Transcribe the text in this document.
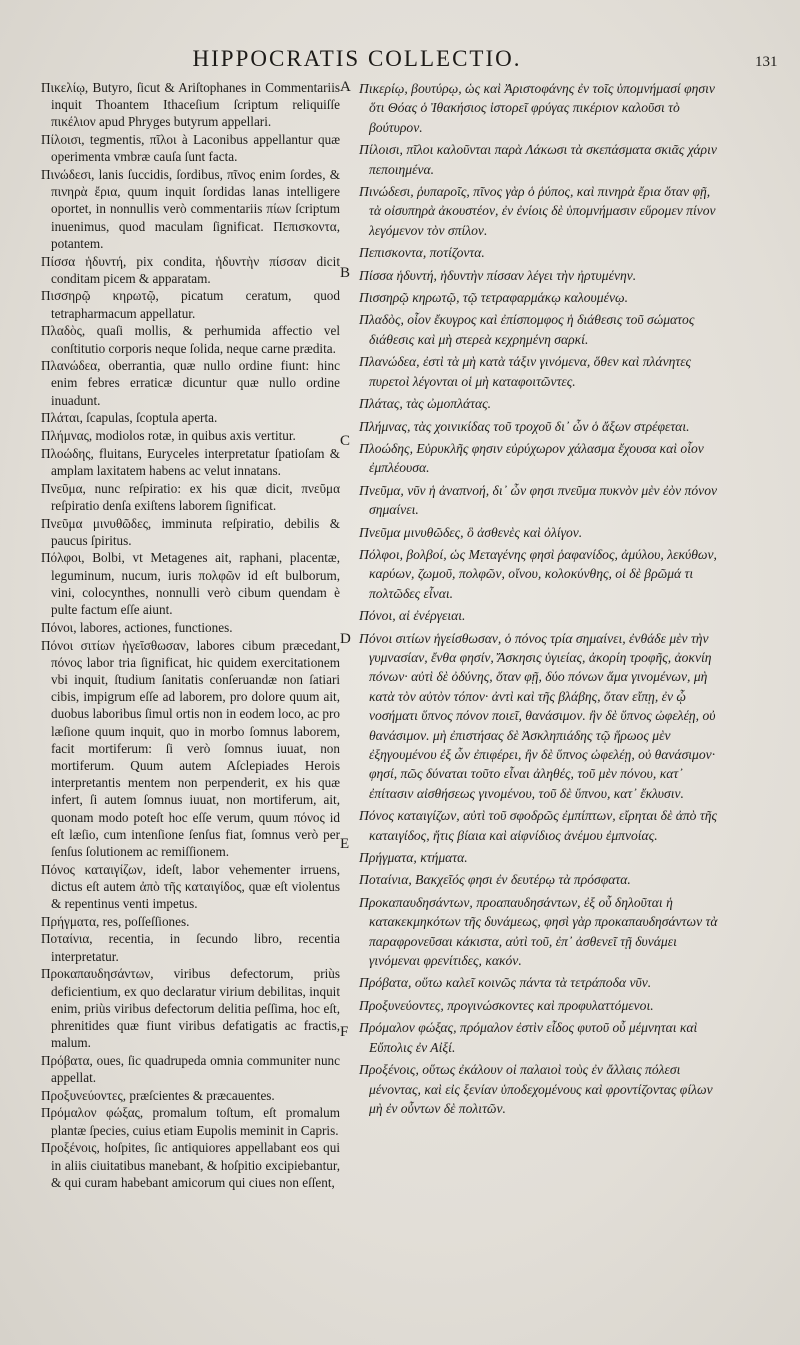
HIPPOCRATIS COLLECTIO.	131

Πικελίῳ, Butyro, ſicut & Ariſtophanes in Commentariis inquit Thoantem Ithaceſium ſcriptum reliquiſſe πικέλιον apud Phryges butyrum appellari.

Πίλοισι, tegmentis, πῖλοι à Laconibus appellantur quæ operimenta vmbræ cauſa ſunt facta.

Πινώδεσι, lanis ſuccidis, ſordibus, πῖνος enim ſordes, & πινηρὰ ἔρια, quum inquit ſordidas lanas intelligere oportet, in nonnullis verò commentariis πίων ſcriptum inuenimus, quod maculam ſignificat. Πεπισκοντα, potantem.

Πίσσα ἡδυντή, pix condita, ἡδυντὴν πίσσαν dicit conditam picem & apparatam.

Πισσηρῷ κηρωτῷ, picatum ceratum, quod tetrapharmacum appellatur.

Πλαδὸς, quaſi mollis, & perhumida affectio vel conſtitutio corporis neque ſolida, neque carne prædita.

Πλανώδεα, oberrantia, quæ nullo ordine fiunt: hinc enim febres erraticæ dicuntur quæ nullo ordine inuadunt.

Πλάται, ſcapulas, ſcoptula aperta.

Πλήμνας, modiolos rotæ, in quibus axis vertitur.

Πλοώδης, fluitans, Euryceles interpretatur ſpatioſam & amplam laxitatem habens ac velut innatans.

Πνεῦμα, nunc reſpiratio: ex his quæ dicit, πνεῦμα reſpiratio denſa exiſtens laborem ſignificat.

Πνεῦμα μινυθῶδες, imminuta reſpiratio, debilis & paucus ſpiritus.

Πόλφοι, Bolbi, vt Metagenes ait, raphani, placentæ, leguminum, nucum, iuris πολφῶν id eſt bulborum, vini, colocynthes, nonnulli verò cibum quendam è pulte factum eſſe aiunt.

Πόνοι, labores, actiones, functiones.

Πόνοι σιτίων ἡγεῖσθωσαν, labores cibum præcedant, πόνος labor tria ſignificat, hic quidem exercitationem vbi inquit, ſtudium ſanitatis conſeruandæ non ſatiari cibis, impigrum eſſe ad laborem, pro dolore quum ait, duobus laboribus ſimul ortis non in eodem loco, ac pro læſione quum inquit, quo in morbo ſomnus laborem, facit mortiferum: ſi verò ſomnus iuuat, non mortiferum. Quum autem Aſclepiades Herois interpretantis mentem non perpenderit, ex his quæ infert, ſi autem ſomnus iuuat, non mortiferum, ait, quonam modo poteſt hoc eſſe verum, quum πόνος id eſt læſio, cum intenſione ſenſus fiat, ſomnus verò per ſenſus ſolutionem ac remiſſionem.

Πόνος καταιγίζων, ideſt, labor vehementer irruens, dictus eſt autem ἀπὸ τῆς καταιγίδος, quæ eſt violentus & repentinus venti impetus.

Πρήγματα, res, poſſeſſiones.

Ποταίνια, recentia, in ſecundo libro, recentia interpretatur.

Προκαπαυδησάντων, viribus defectorum, priùs deficientium, ex quo declaratur virium debilitas, inquit enim, priùs viribus defectorum delitia peſſima, hoc eſt, phrenitides quæ fiunt viribus defatigatis ac fractis, malum.

Πρόβατα, oues, ſic quadrupeda omnia communiter nunc appellat.

Προξυνεύοντες, præſcientes & præcauentes.

Πρόμαλον φώξας, promalum toſtum, eſt promalum plantæ ſpecies, cuius etiam Eupolis meminit in Capris.

Προξένοις, hoſpites, ſic antiquiores appellabant eos qui in aliis ciuitatibus manebant, & hoſpitio excipiebantur, & qui curam habebant amicorum qui ciues non eſſent,

A
B
C
D
E
F

Πικερίῳ, βουτύρῳ, ὡς καὶ Ἀριστοφάνης ἐν τοῖς ὑπομνήμασί φησιν ὅτι Θόας ὁ Ἰθακήσιος ἱστορεῖ φρύγας πικέριον καλοῦσι τὸ βούτυρον.

Πίλοισι, πῖλοι καλοῦνται παρὰ Λάκωσι τὰ σκεπάσματα σκιᾶς χάριν πεποιημένα.

Πινώδεσι, ῥυπαροῖς, πῖνος γὰρ ὁ ῥύπος, καὶ πινηρὰ ἔρια ὅταν φῇ, τὰ οἰσυπηρὰ ἀκουστέον, ἐν ἐνίοις δὲ ὑπομνήμασιν εὕρομεν πίνον λεγόμενον τὸν σπίλον.

Πεπισκοντα, ποτίζοντα.

Πίσσα ἡδυντή, ἡδυντὴν πίσσαν λέγει τὴν ἠρτυμένην.

Πισσηρῷ κηρωτῷ, τῷ τετραφαρμάκῳ καλουμένῳ.

Πλαδὸς, οἷον ἔκυγρος καὶ ἐπίσπομφος ἡ διάθεσις τοῦ σώματος διάθεσις καὶ μὴ στερεὰ κεχρημένη σαρκί.

Πλανώδεα, ἐστὶ τὰ μὴ κατὰ τάξιν γινόμενα, ὅθεν καὶ πλάνητες πυρετοὶ λέγονται οἱ μὴ καταφοιτῶντες.

Πλάτας, τὰς ὠμοπλάτας.

Πλήμνας, τὰς χοινικίδας τοῦ τροχοῦ δι᾽ ὧν ὁ ἄξων στρέφεται.

Πλοώδης, Εὐρυκλῆς φησιν εὐρύχωρον χάλασμα ἔχουσα καὶ οἷον ἐμπλέουσα.

Πνεῦμα, νῦν ἡ ἀναπνοή, δι᾽ ὧν φησι πνεῦμα πυκνὸν μὲν ἐὸν πόνον σημαίνει.

Πνεῦμα μινυθῶδες, ὃ ἀσθενὲς καὶ ὀλίγον.

Πόλφοι, βολβοί, ὡς Μεταγένης φησὶ ῥαφανίδος, ἀμύλου, λεκύθων, καρύων, ζωμοῦ, πολφῶν, οἴνου, κολοκύνθης, οἱ δὲ βρῶμά τι πολτῶδες εἶναι.

Πόνοι, αἱ ἐνέργειαι.

Πόνοι σιτίων ἡγείσθωσαν, ὁ πόνος τρία σημαίνει, ἐνθάδε μὲν τὴν γυμνασίαν, ἔνθα φησίν, Ἄσκησις ὑγιείας, ἀκορίη τροφῆς, ἀοκνίη πόνων· αὐτὶ δὲ ὀδύνης, ὅταν φῇ, δύο πόνων ἅμα γινομένων, μὴ κατὰ τὸν αὐτὸν τόπον· ἀντὶ καὶ τῆς βλάβης, ὅταν εἴπῃ, ἐν ᾧ νοσήματι ὕπνος πόνον ποιεῖ, θανάσιμον. ἢν δὲ ὕπνος ὠφελέῃ, οὐ θανάσιμον. μὴ ἐπιστήσας δὲ Ἀσκληπιάδης τῷ ἥρωος μὲν ἐξηγουμένου ἐξ ὧν ἐπιφέρει, ἢν δὲ ὕπνος ὠφελέῃ, οὐ θανάσιμον· φησί, πῶς δύναται τοῦτο εἶναι ἀληθές, τοῦ μὲν πόνου, κατ᾽ ἐπίτασιν αἰσθήσεως γινομένου, τοῦ δὲ ὕπνου, κατ᾽ ἔκλυσιν.

Πόνος καταιγίζων, αὐτὶ τοῦ σφοδρῶς ἐμπίπτων, εἴρηται δὲ ἀπὸ τῆς καταιγίδος, ἥτις βίαια καὶ αἰφνίδιος ἀνέμου ἐμπνοίας.

Πρήγματα, κτήματα.

Ποταίνια, Βακχεῖός φησι ἐν δευτέρῳ τὰ πρόσφατα.

Προκαπαυδησάντων, προαπαυδησάντων, ἐξ οὗ δηλοῦται ἡ κατακεκμηκότων τῆς δυνάμεως, φησὶ γὰρ προκαπαυδησάντων τὰ παραφρονεῦσαι κάκιστα, αὐτὶ τοῦ, ἐπ᾽ ἀσθενεῖ τῇ δυνάμει γινόμεναι φρενίτιδες, κακόν.

Πρόβατα, οὕτω καλεῖ κοινῶς πάντα τὰ τετράποδα νῦν.

Προξυνεύοντες, προγινώσκοντες καὶ προφυλαττόμενοι.

Πρόμαλον φώξας, πρόμαλον ἐστὶν εἶδος φυτοῦ οὗ μέμνηται καὶ Εὔπολις ἐν Αἰξί.

Προξένοις, οὕτως ἐκάλουν οἱ παλαιοὶ τοὺς ἐν ἄλλαις πόλεσι μένοντας, καὶ εἰς ξενίαν ὑποδεχομένους καὶ φροντίζοντας φίλων μὴ ἐν οὖντων δὲ πολιτῶν.
